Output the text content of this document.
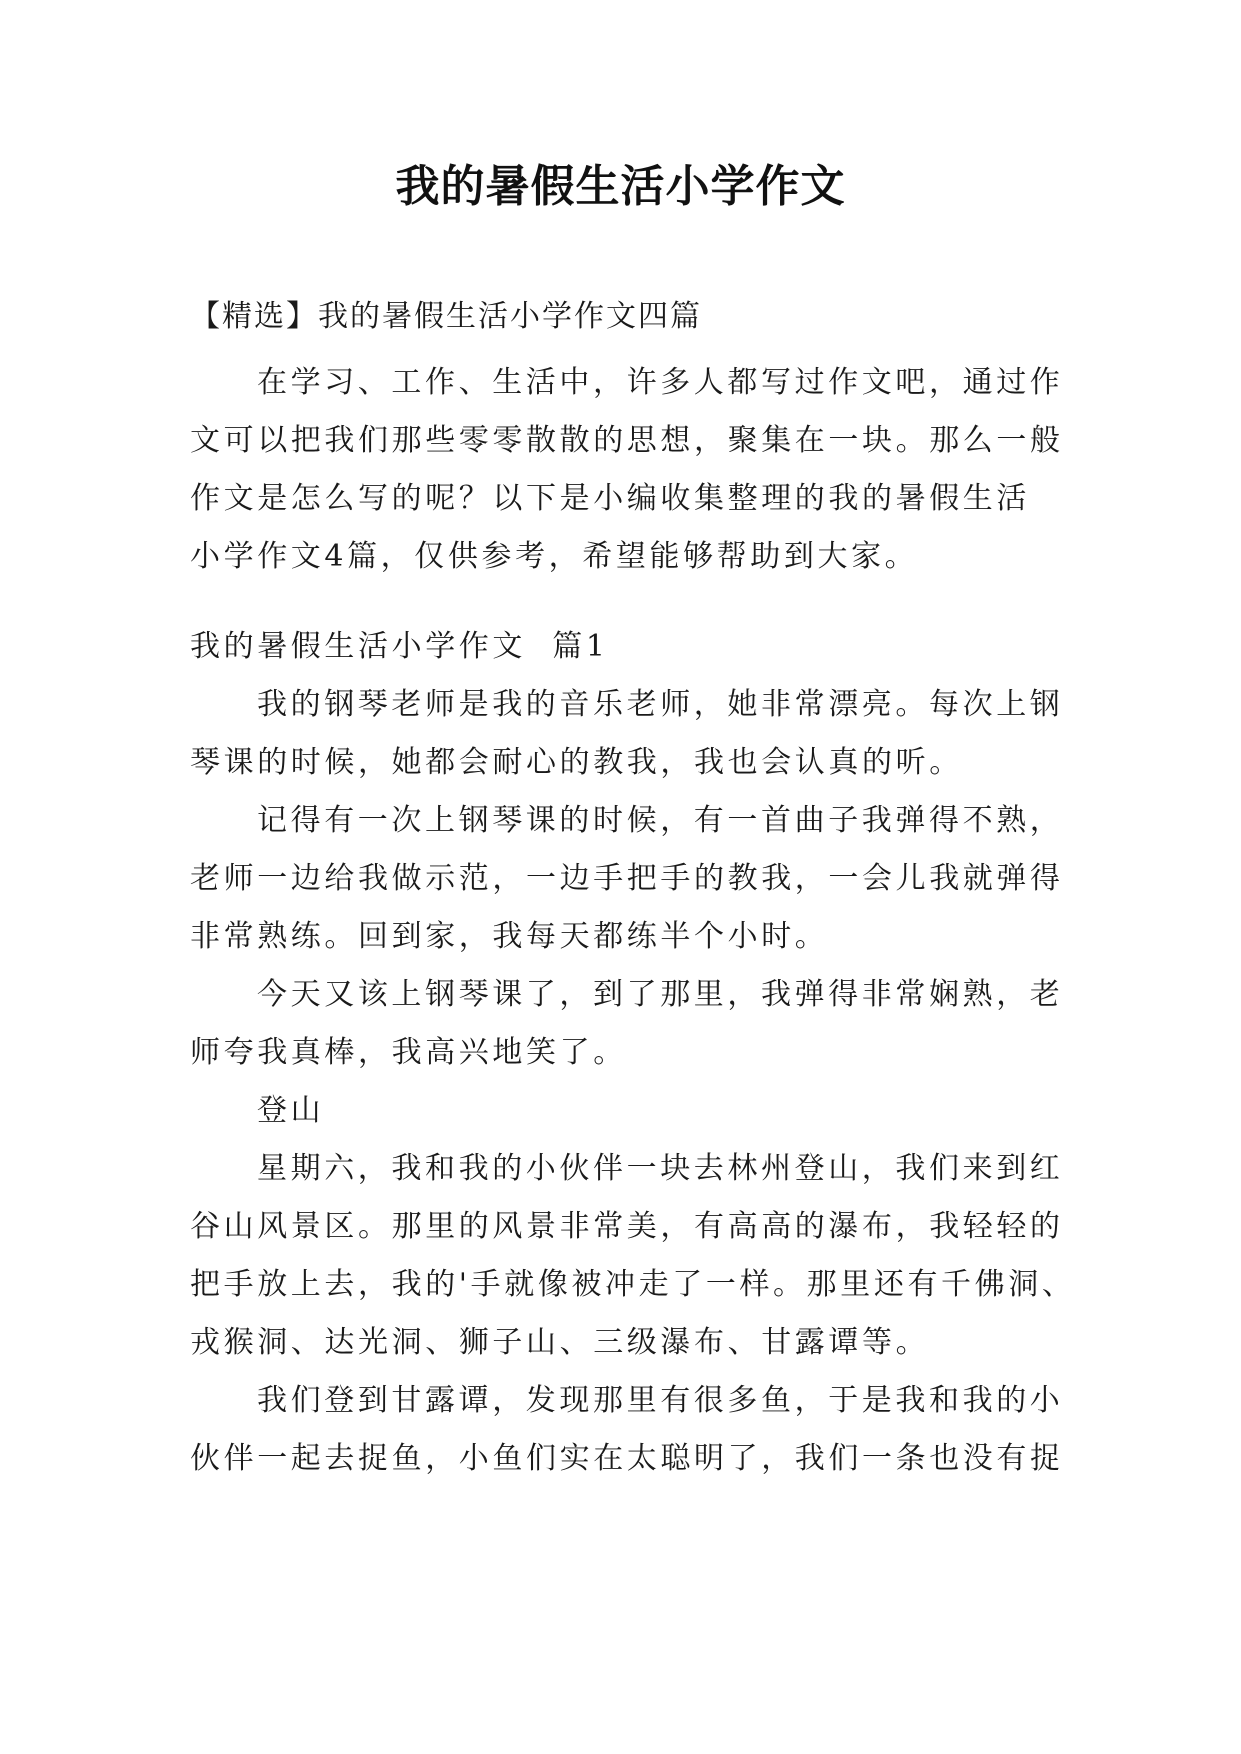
我的暑假生活小学作文
【精选】我的暑假生活小学作文四篇
在学习、工作、生活中，许多人都写过作文吧，通过作
文可以把我们那些零零散散的思想，聚集在一块。那么一般
作文是怎么写的呢？以下是小编收集整理的我的暑假生活
小学作文4篇，仅供参考，希望能够帮助到大家。
我的暑假生活小学作文  篇1
我的钢琴老师是我的音乐老师，她非常漂亮。每次上钢
琴课的时候，她都会耐心的教我，我也会认真的听。
记得有一次上钢琴课的时候，有一首曲子我弹得不熟，
老师一边给我做示范，一边手把手的教我，一会儿我就弹得
非常熟练。回到家，我每天都练半个小时。
今天又该上钢琴课了，到了那里，我弹得非常娴熟，老
师夸我真棒，我高兴地笑了。
登山
星期六，我和我的小伙伴一块去林州登山，我们来到红
谷山风景区。那里的风景非常美，有高高的瀑布，我轻轻的
把手放上去，我的'手就像被冲走了一样。那里还有千佛洞、
戎猴洞、达光洞、狮子山、三级瀑布、甘露谭等。
我们登到甘露谭，发现那里有很多鱼，于是我和我的小
伙伴一起去捉鱼，小鱼们实在太聪明了，我们一条也没有捉
